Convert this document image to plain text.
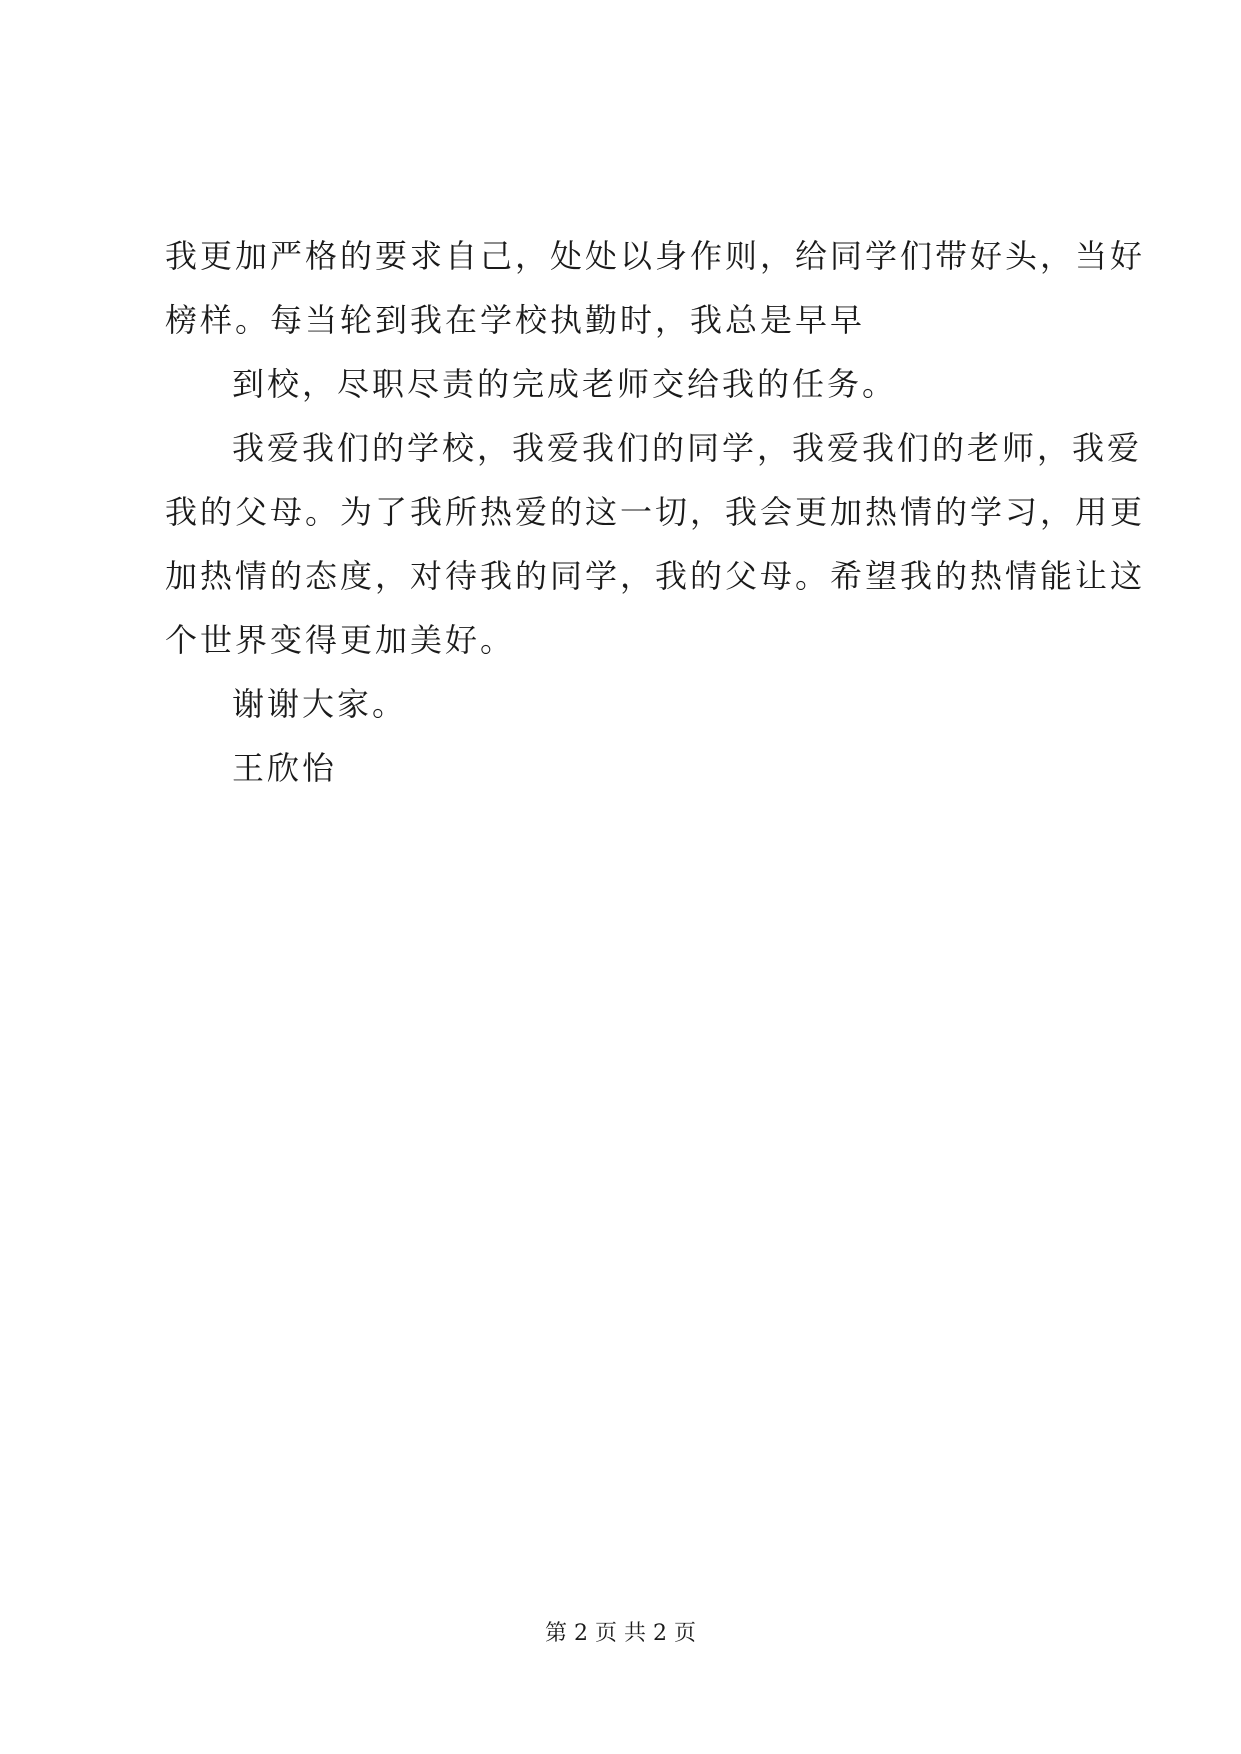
我更加严格的要求自己，处处以身作则，给同学们带好头，当好
榜样。每当轮到我在学校执勤时，我总是早早
到校，尽职尽责的完成老师交给我的任务。
我爱我们的学校，我爱我们的同学，我爱我们的老师，我爱
我的父母。为了我所热爱的这一切，我会更加热情的学习，用更
加热情的态度，对待我的同学，我的父母。希望我的热情能让这
个世界变得更加美好。
谢谢大家。
王欣怡
第 2 页 共 2 页
